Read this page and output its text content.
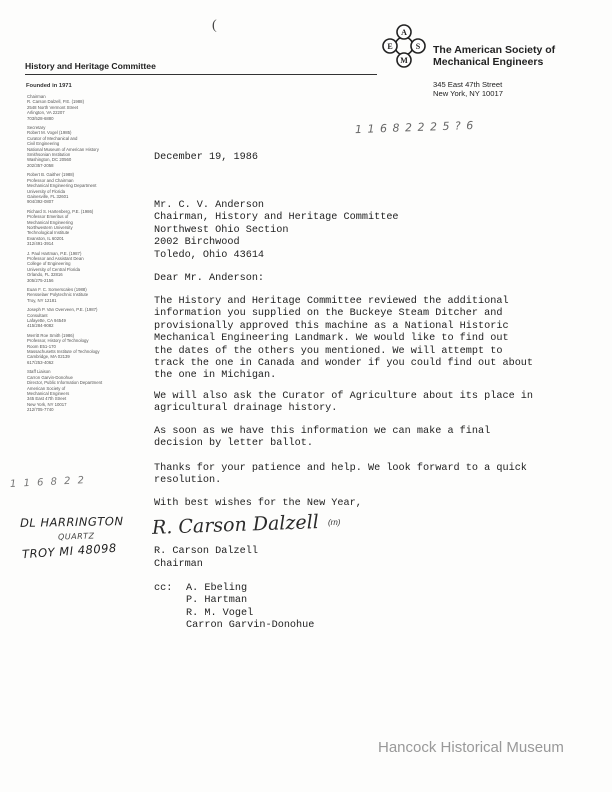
(
History and Heritage Committee
Founded in 1971
A
E	S
M
The American Society of
Mechanical Engineers
345 East 47th Street
New York, NY 10017
Chairman
R. Carson Dalzell, P.E. (1988)
2548 North Vermont Street
Arlington, VA 22207
703/528-6880
Secretary
Robert M. Vogel (1985)
Curator of Mechanical and
Civil Engineering
National Museum of American History
Smithsonian Institution
Washington, DC 20560
202/357-2058
Robert B. Gaither (1988)
Professor and Chairman
Mechanical Engineering Department
University of Florida
Gainesville, FL 32601
904/392-0807
Richard S. Hartenberg, P.E. (1986)
Professor Emeritus of
Mechanical Engineering
Northwestern University
Technological Institute
Evanston, IL 60201
312/491-3914
J. Paul Hartman, P.E. (1987)
Professor and Assistant Dean
College of Engineering
University of Central Florida
Orlando, FL 32816
305/275-2156
Euan F. C. Somerscales (1988)
Rensselaer Polytechnic Institute
Troy, NY 12181
Joseph P. Van Overveen, P.E. (1987)
Consultant
Lafayette, CA 94549
415/284-9082
Merritt Roe Smith (1986)
Professor, History of Technology
Room E51-170
Massachusetts Institute of Technology
Cambridge, MA 02139
617/253-4062
Staff Liaison
Carron Garvin-Donohue
Director, Public Information Department
American Society of
Mechanical Engineers
345 East 47th Street
New York, NY 10017
212/705-7740
1 1 6 8 2 2 2 5 ? 6
December 19, 1986
Mr. C. V. Anderson
Chairman, History and Heritage Committee
Northwest Ohio Section
2002 Birchwood
Toledo, Ohio 43614
Dear Mr. Anderson:
The History and Heritage Committee reviewed the additional
information you supplied on the Buckeye Steam Ditcher and
provisionally approved this machine as a National Historic
Mechanical Engineering Landmark. We would like to find out
the dates of the others you mentioned. We will attempt to
track the one in Canada and wonder if you could find out about
the one in Michigan.
We will also ask the Curator of Agriculture about its place in
agricultural drainage history.
As soon as we have this information we can make a final
decision by letter ballot.
Thanks for your patience and help. We look forward to a quick
resolution.
With best wishes for the New Year,
R. Carson Dalzell (rn)
R. Carson Dalzell
Chairman
cc: A. Ebeling
P. Hartman
R. M. Vogel
Carron Garvin-Donohue
1 1 6 8 2 2
DL HARRINGTON
QUARTZ
TROY MI 48098
Hancock Historical Museum
